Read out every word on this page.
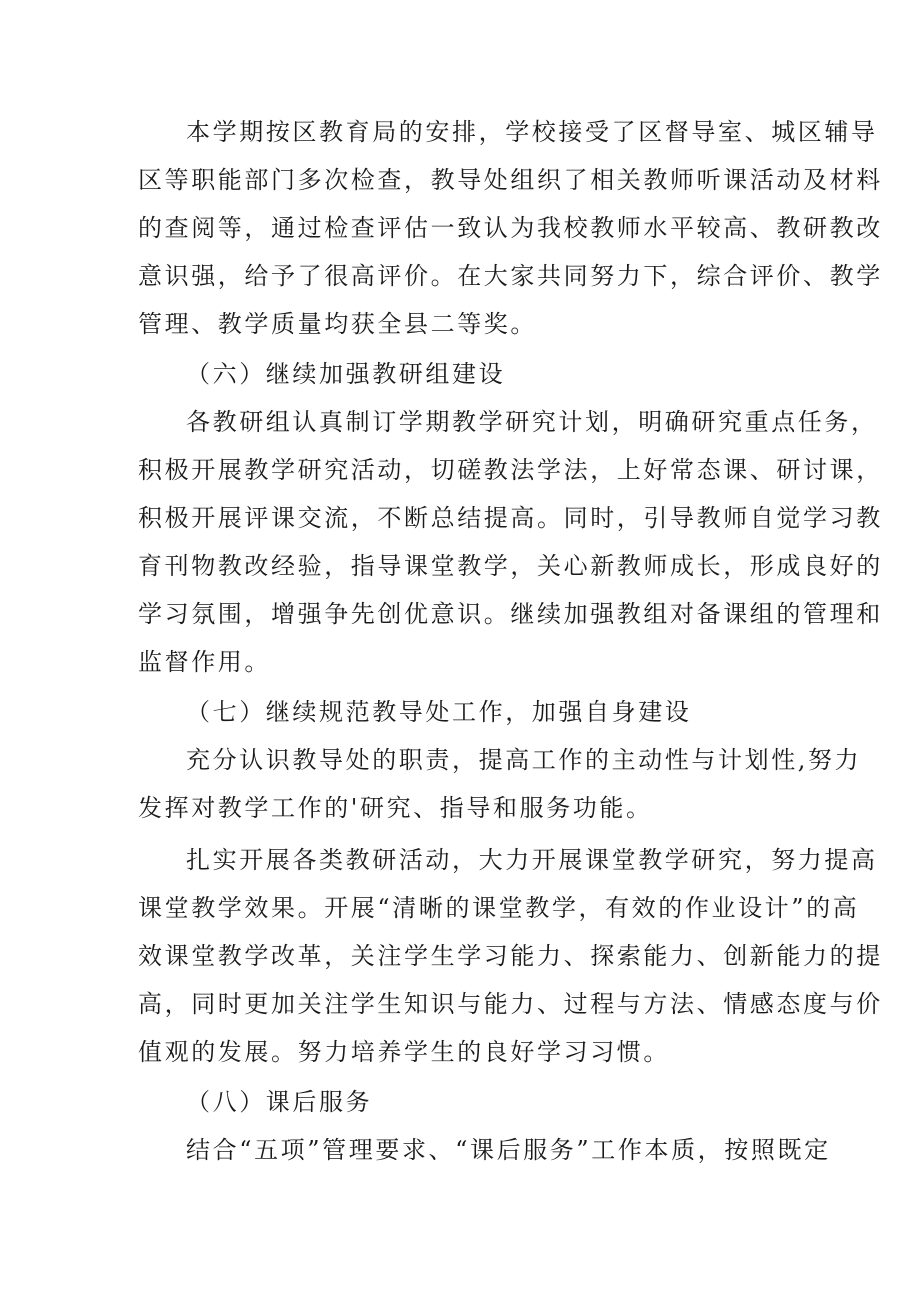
本学期按区教育局的安排，学校接受了区督导室、城区辅导
区等职能部门多次检查，教导处组织了相关教师听课活动及材料
的查阅等，通过检查评估一致认为我校教师水平较高、教研教改
意识强，给予了很高评价。在大家共同努力下，综合评价、教学
管理、教学质量均获全县二等奖。
（六）继续加强教研组建设
各教研组认真制订学期教学研究计划，明确研究重点任务，
积极开展教学研究活动，切磋教法学法，上好常态课、研讨课，
积极开展评课交流，不断总结提高。同时，引导教师自觉学习教
育刊物教改经验，指导课堂教学，关心新教师成长，形成良好的
学习氛围，增强争先创优意识。继续加强教组对备课组的管理和
监督作用。
（七）继续规范教导处工作，加强自身建设
充分认识教导处的职责，提高工作的主动性与计划性,努力
发挥对教学工作的'研究、指导和服务功能。
扎实开展各类教研活动，大力开展课堂教学研究，努力提高
课堂教学效果。开展“清晰的课堂教学，有效的作业设计”的高
效课堂教学改革，关注学生学习能力、探索能力、创新能力的提
高，同时更加关注学生知识与能力、过程与方法、情感态度与价
值观的发展。努力培养学生的良好学习习惯。
（八）课后服务
结合“五项”管理要求、“课后服务”工作本质，按照既定
